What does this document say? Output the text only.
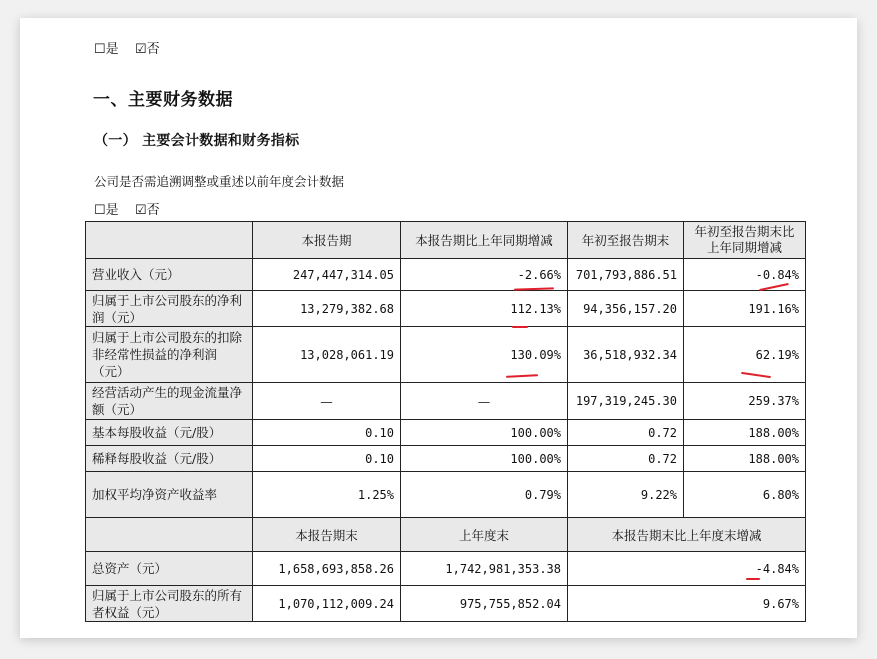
☐是 ☑否
一、主要财务数据
（一） 主要会计数据和财务指标
公司是否需追溯调整或重述以前年度会计数据
☐是 ☑否
	本报告期	本报告期比上年同期增减	年初至报告期末	年初至报告期末比上年同期增减
营业收入（元）	247,447,314.05	-2.66%	701,793,886.51	-0.84%
归属于上市公司股东的净利润（元）	13,279,382.68	112.13%	94,356,157.20	191.16%
归属于上市公司股东的扣除非经常性损益的净利润（元）	13,028,061.19	130.09%	36,518,932.34	62.19%
经营活动产生的现金流量净额（元）	—	—	197,319,245.30	259.37%
基本每股收益（元/股）	0.10	100.00%	0.72	188.00%
稀释每股收益（元/股）	0.10	100.00%	0.72	188.00%
加权平均净资产收益率	1.25%	0.79%	9.22%	6.80%
	本报告期末	上年度末	本报告期末比上年度末增减	
总资产（元）	1,658,693,858.26	1,742,981,353.38	-4.84%	
归属于上市公司股东的所有者权益（元）	1,070,112,009.24	975,755,852.04	9.67%	
